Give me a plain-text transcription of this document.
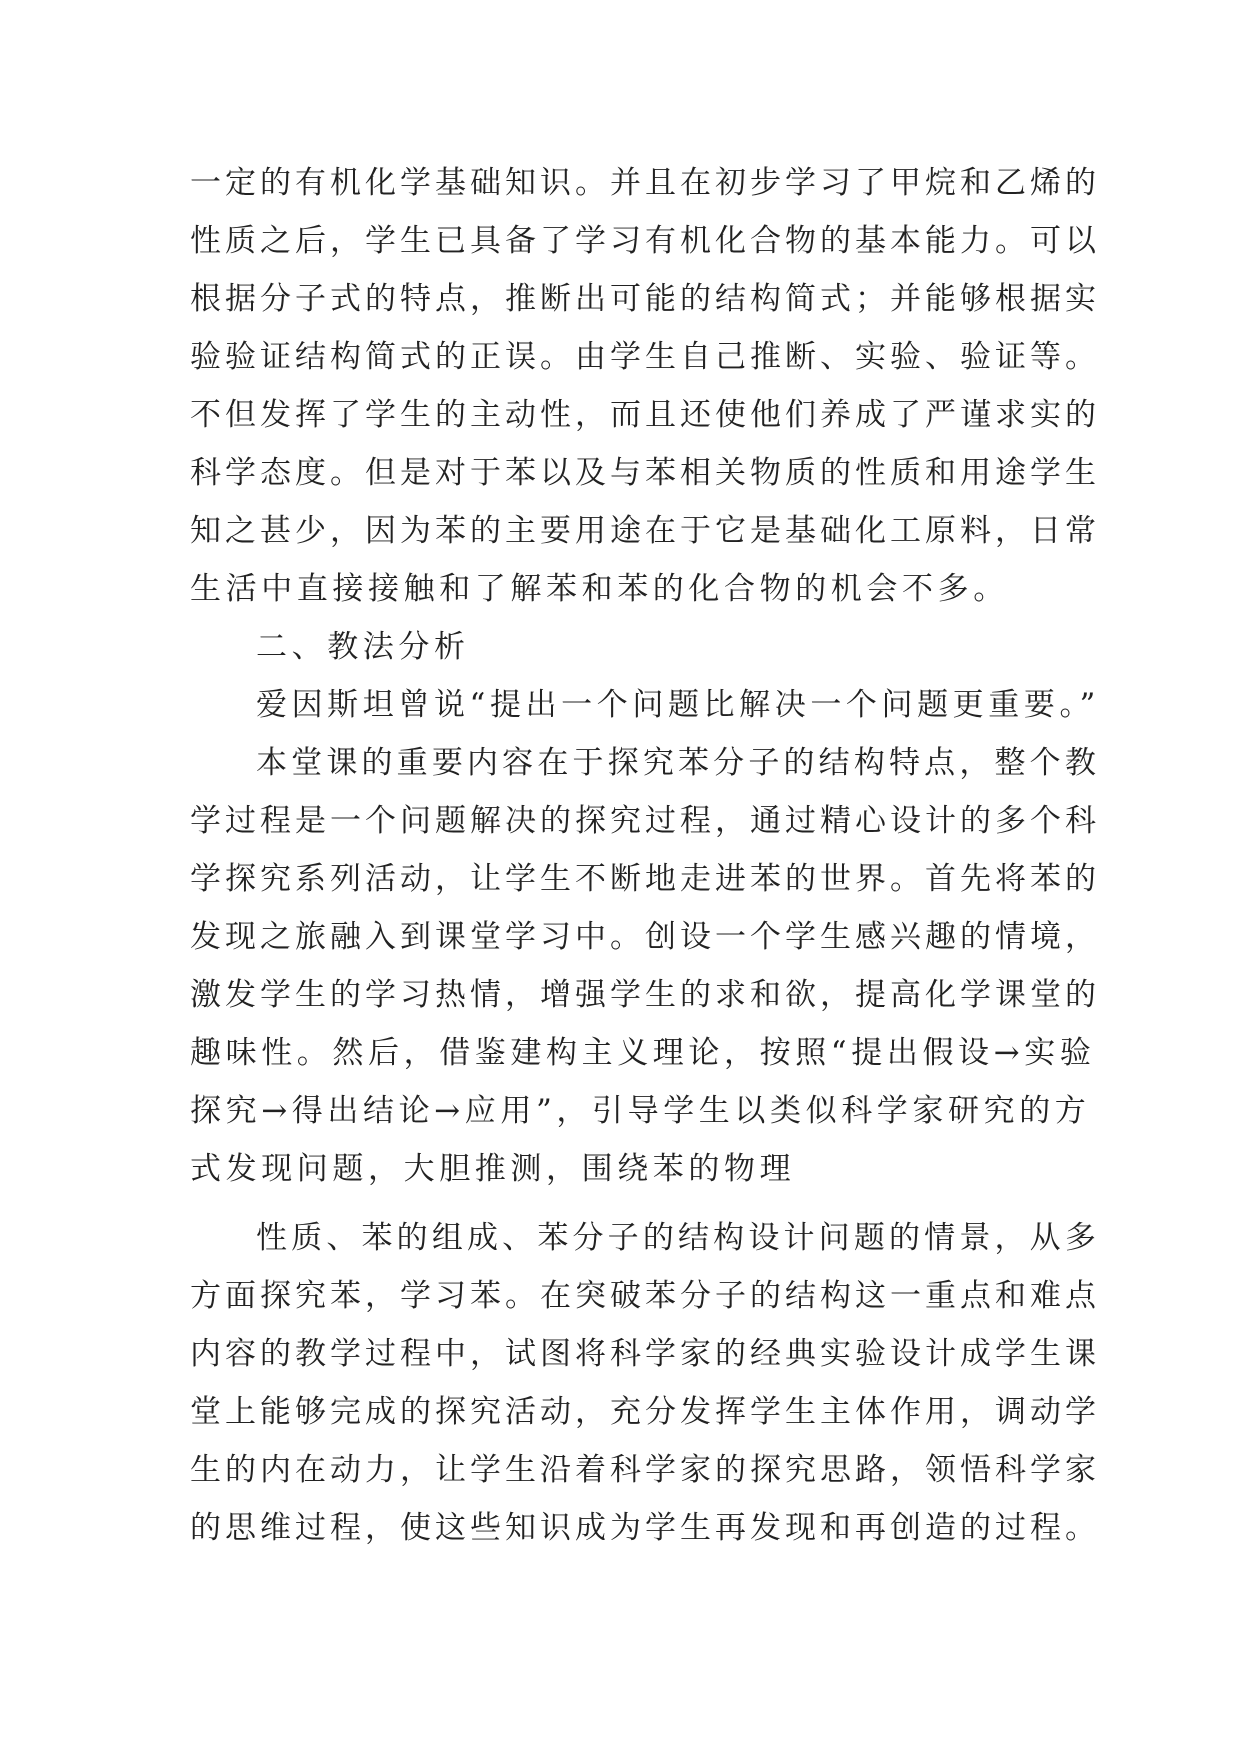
一定的有机化学基础知识。并且在初步学习了甲烷和乙烯的
性质之后，学生已具备了学习有机化合物的基本能力。可以
根据分子式的特点，推断出可能的结构简式；并能够根据实
验验证结构简式的正误。由学生自己推断、实验、验证等。
不但发挥了学生的主动性，而且还使他们养成了严谨求实的
科学态度。但是对于苯以及与苯相关物质的性质和用途学生
知之甚少，因为苯的主要用途在于它是基础化工原料，日常
生活中直接接触和了解苯和苯的化合物的机会不多。
二、教法分析
爱因斯坦曾说“提出一个问题比解决一个问题更重要。”
本堂课的重要内容在于探究苯分子的结构特点，整个教
学过程是一个问题解决的探究过程，通过精心设计的多个科
学探究系列活动，让学生不断地走进苯的世界。首先将苯的
发现之旅融入到课堂学习中。创设一个学生感兴趣的情境，
激发学生的学习热情，增强学生的求和欲，提高化学课堂的
趣味性。然后，借鉴建构主义理论，按照“提出假设→实验
探究→得出结论→应用”，引导学生以类似科学家研究的方
式发现问题，大胆推测，围绕苯的物理
性质、苯的组成、苯分子的结构设计问题的情景，从多
方面探究苯，学习苯。在突破苯分子的结构这一重点和难点
内容的教学过程中，试图将科学家的经典实验设计成学生课
堂上能够完成的探究活动，充分发挥学生主体作用，调动学
生的内在动力，让学生沿着科学家的探究思路，领悟科学家
的思维过程，使这些知识成为学生再发现和再创造的过程。
